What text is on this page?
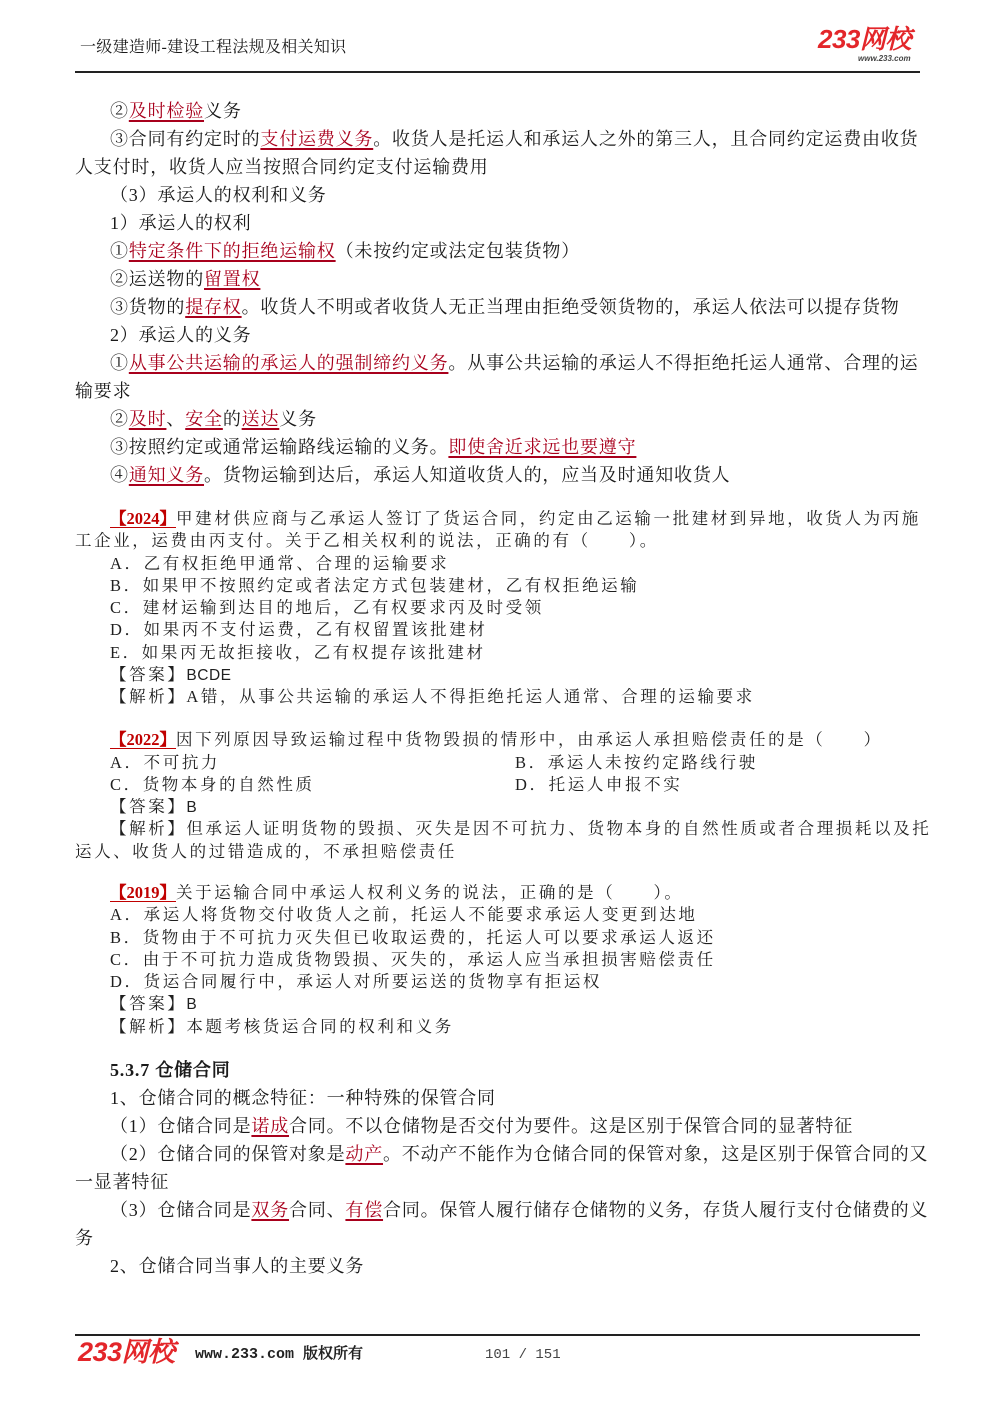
一级建造师-建设工程法规及相关知识	233网校
www.233.com
②及时检验义务
③合同有约定时的支付运费义务。收货人是托运人和承运人之外的第三人，且合同约定运费由收货
人支付时，收货人应当按照合同约定支付运输费用
（3）承运人的权利和义务
1）承运人的权利
①特定条件下的拒绝运输权（未按约定或法定包装货物）
②运送物的留置权
③货物的提存权。收货人不明或者收货人无正当理由拒绝受领货物的，承运人依法可以提存货物
2）承运人的义务
①从事公共运输的承运人的强制缔约义务。从事公共运输的承运人不得拒绝托运人通常、合理的运
输要求
②及时、安全的送达义务
③按照约定或通常运输路线运输的义务。即使舍近求远也要遵守
④通知义务。货物运输到达后，承运人知道收货人的，应当及时通知收货人
【2024】甲建材供应商与乙承运人签订了货运合同，约定由乙运输一批建材到异地，收货人为丙施
工企业，运费由丙支付。关于乙相关权利的说法，正确的有（　　）。
A．乙有权拒绝甲通常、合理的运输要求
B．如果甲不按照约定或者法定方式包装建材，乙有权拒绝运输
C．建材运输到达目的地后，乙有权要求丙及时受领
D．如果丙不支付运费，乙有权留置该批建材
E．如果丙无故拒接收，乙有权提存该批建材
【答案】BCDE
【解析】A错，从事公共运输的承运人不得拒绝托运人通常、合理的运输要求
【2022】因下列原因导致运输过程中货物毁损的情形中，由承运人承担赔偿责任的是（　　）
A．不可抗力	B．承运人未按约定路线行驶
C．货物本身的自然性质	D．托运人申报不实
【答案】B
【解析】但承运人证明货物的毁损、灭失是因不可抗力、货物本身的自然性质或者合理损耗以及托
运人、收货人的过错造成的，不承担赔偿责任
【2019】关于运输合同中承运人权利义务的说法，正确的是（　　）。
A．承运人将货物交付收货人之前，托运人不能要求承运人变更到达地
B．货物由于不可抗力灭失但已收取运费的，托运人可以要求承运人返还
C．由于不可抗力造成货物毁损、灭失的，承运人应当承担损害赔偿责任
D．货运合同履行中，承运人对所要运送的货物享有拒运权
【答案】B
【解析】本题考核货运合同的权利和义务
5.3.7 仓储合同
1、仓储合同的概念特征：一种特殊的保管合同
（1）仓储合同是诺成合同。不以仓储物是否交付为要件。这是区别于保管合同的显著特征
（2）仓储合同的保管对象是动产。不动产不能作为仓储合同的保管对象，这是区别于保管合同的又
一显著特征
（3）仓储合同是双务合同、有偿合同。保管人履行储存仓储物的义务，存货人履行支付仓储费的义
务
2、仓储合同当事人的主要义务
233网校 www.233.com 版权所有	101 / 151
